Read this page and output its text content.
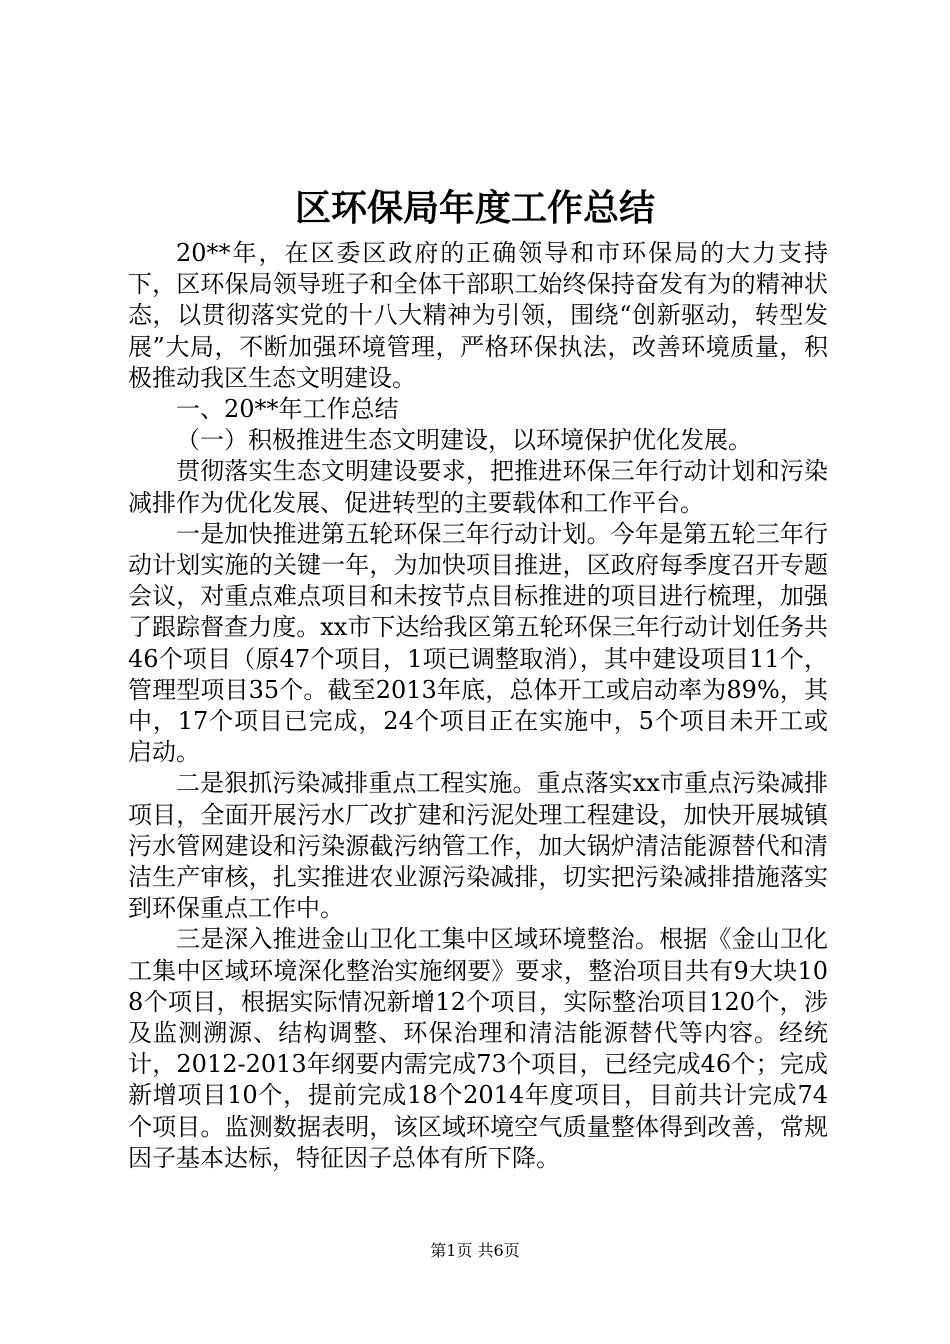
区环保局年度工作总结

20**年，在区委区政府的正确领导和市环保局的大力支持下，区环保局领导班子和全体干部职工始终保持奋发有为的精神状态，以贯彻落实党的十八大精神为引领，围绕“创新驱动，转型发展”大局，不断加强环境管理，严格环保执法，改善环境质量，积极推动我区生态文明建设。

一、20**年工作总结

（一）积极推进生态文明建设，以环境保护优化发展。

贯彻落实生态文明建设要求，把推进环保三年行动计划和污染减排作为优化发展、促进转型的主要载体和工作平台。

一是加快推进第五轮环保三年行动计划。今年是第五轮三年行动计划实施的关键一年，为加快项目推进，区政府每季度召开专题会议，对重点难点项目和未按节点目标推进的项目进行梳理，加强了跟踪督查力度。xx市下达给我区第五轮环保三年行动计划任务共46个项目（原47个项目，1项已调整取消），其中建设项目11个，管理型项目35个。截至2013年底，总体开工或启动率为89%，其中，17个项目已完成，24个项目正在实施中，5个项目未开工或启动。

二是狠抓污染减排重点工程实施。重点落实xx市重点污染减排项目，全面开展污水厂改扩建和污泥处理工程建设，加快开展城镇污水管网建设和污染源截污纳管工作，加大锅炉清洁能源替代和清洁生产审核，扎实推进农业源污染减排，切实把污染减排措施落实到环保重点工作中。

三是深入推进金山卫化工集中区域环境整治。根据《金山卫化工集中区域环境深化整治实施纲要》要求，整治项目共有9大块108个项目，根据实际情况新增12个项目，实际整治项目120个，涉及监测溯源、结构调整、环保治理和清洁能源替代等内容。经统计，2012-2013年纲要内需完成73个项目，已经完成46个；完成新增项目10个，提前完成18个2014年度项目，目前共计完成74个项目。监测数据表明，该区域环境空气质量整体得到改善，常规因子基本达标，特征因子总体有所下降。

第1页 共6页
